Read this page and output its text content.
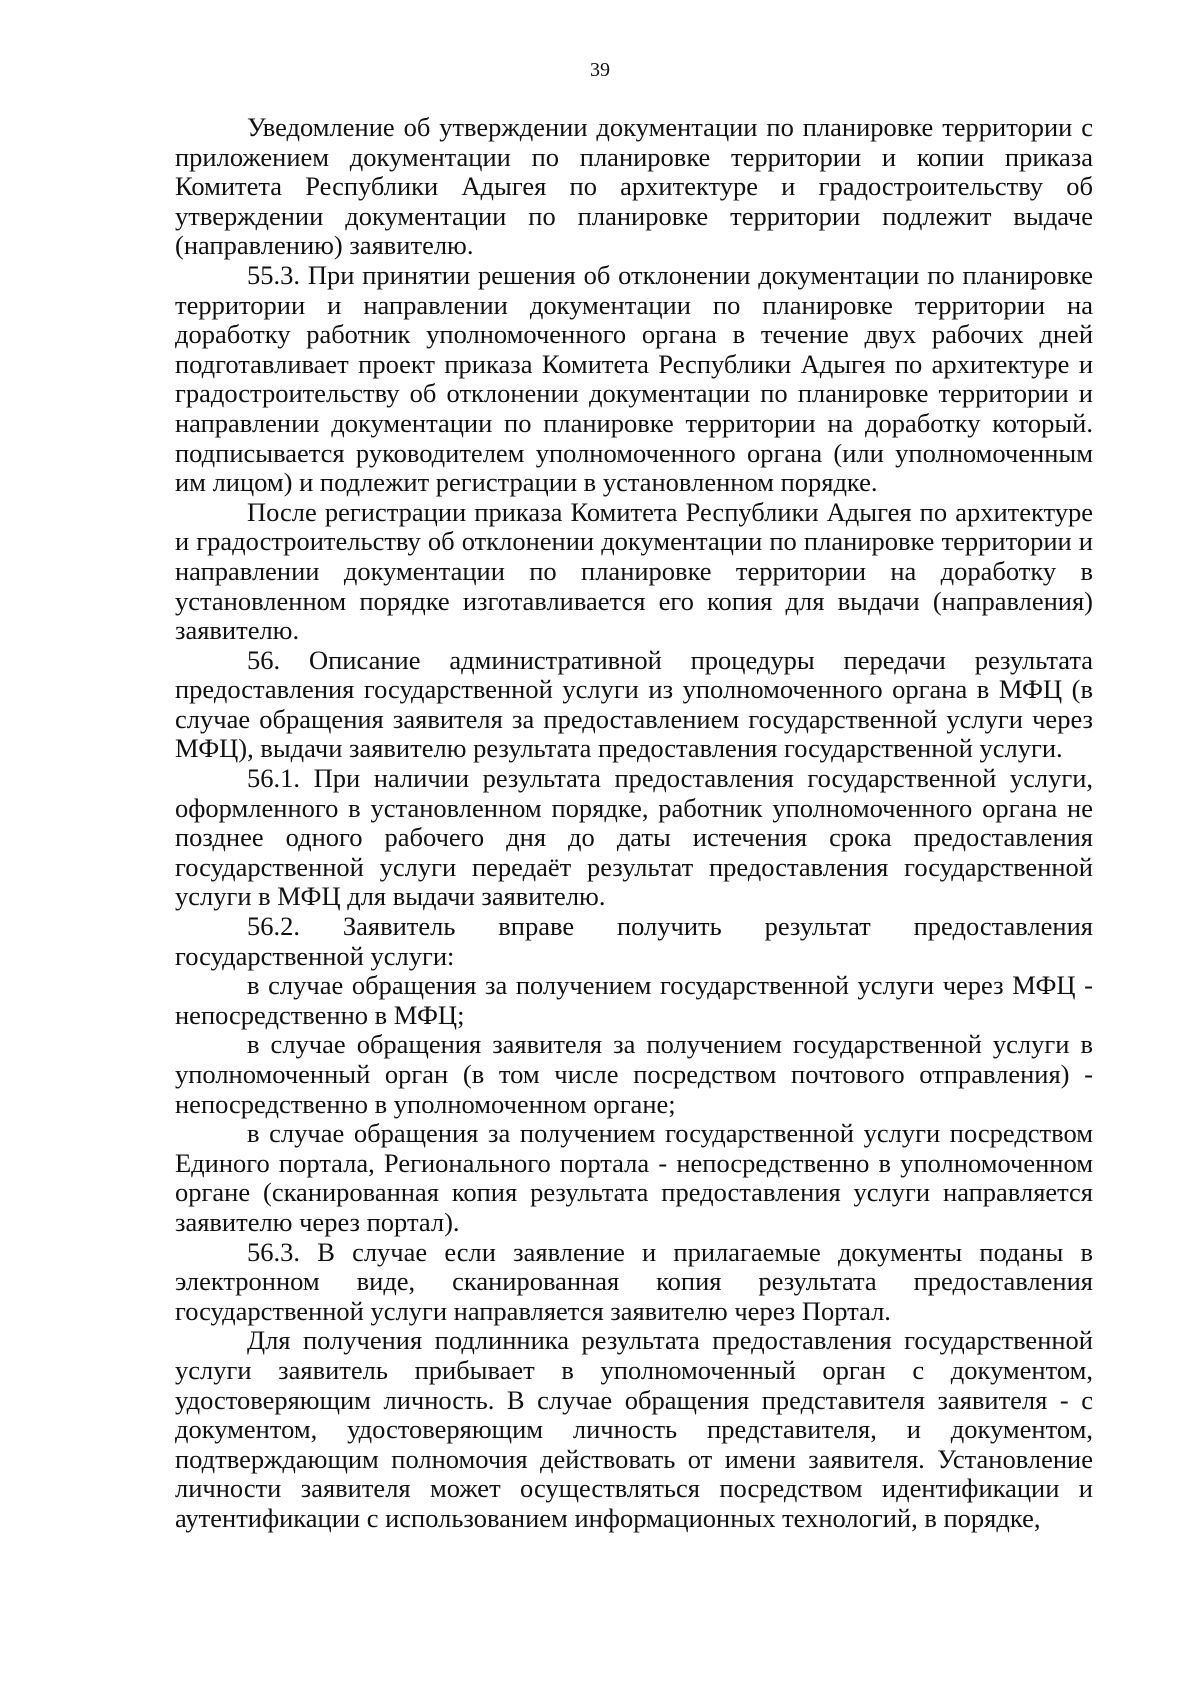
39

Уведомление об утверждении документации по планировке территории с приложением документации по планировке территории и копии приказа Комитета Республики Адыгея по архитектуре и градостроительству об утверждении документации по планировке территории подлежит выдаче (направлению) заявителю.

55.3. При принятии решения об отклонении документации по планировке территории и направлении документации по планировке территории на доработку работник уполномоченного органа в течение двух рабочих дней подготавливает проект приказа Комитета Республики Адыгея по архитектуре и градостроительству об отклонении документации по планировке территории и направлении документации по планировке территории на доработку который. подписывается руководителем уполномоченного органа (или уполномоченным им лицом) и подлежит регистрации в установленном порядке.

После регистрации приказа Комитета Республики Адыгея по архитектуре и градостроительству об отклонении документации по планировке территории и направлении документации по планировке территории на доработку в установленном порядке изготавливается его копия для выдачи (направления) заявителю.

56. Описание административной процедуры передачи результата предоставления государственной услуги из уполномоченного органа в МФЦ (в случае обращения заявителя за предоставлением государственной услуги через МФЦ), выдачи заявителю результата предоставления государственной услуги.

56.1. При наличии результата предоставления государственной услуги, оформленного в установленном порядке, работник уполномоченного органа не позднее одного рабочего дня до даты истечения срока предоставления государственной услуги передаёт результат предоставления государственной услуги в МФЦ для выдачи заявителю.

56.2. Заявитель вправе получить результат предоставления государственной услуги:

в случае обращения за получением государственной услуги через МФЦ - непосредственно в МФЦ;

в случае обращения заявителя за получением государственной услуги в уполномоченный орган (в том числе посредством почтового отправления) - непосредственно в уполномоченном органе;

в случае обращения за получением государственной услуги посредством Единого портала, Регионального портала - непосредственно в уполномоченном органе (сканированная копия результата предоставления услуги направляется заявителю через портал).

56.3. В случае если заявление и прилагаемые документы поданы в электронном виде, сканированная копия результата предоставления государственной услуги направляется заявителю через Портал.

Для получения подлинника результата предоставления государственной услуги заявитель прибывает в уполномоченный орган с документом, удостоверяющим личность. В случае обращения представителя заявителя - с документом, удостоверяющим личность представителя, и документом, подтверждающим полномочия действовать от имени заявителя. Установление личности заявителя может осуществляться посредством идентификации и аутентификации с использованием информационных технологий, в порядке,
